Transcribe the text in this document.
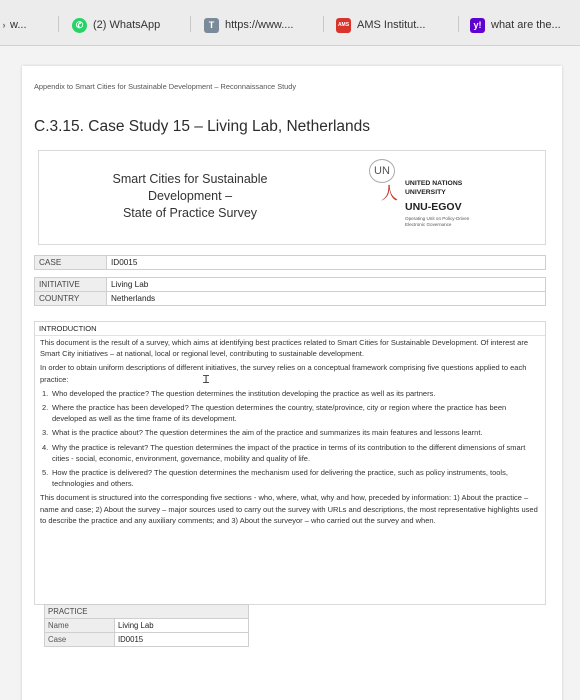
› w...	✆ (2) WhatsApp	T https://www....	AMS AMS Institut...	y! what are the...
Appendix to Smart Cities for Sustainable Development – Reconnaissance Study
C.3.15. Case Study 15 – Living Lab, Netherlands
Smart Cities for Sustainable
Development –
State of Practice Survey
UN
⼈
UNITED NATIONS
UNIVERSITY
UNU-EGOV
Operating Unit on Policy-Driven
Electronic Governance
CASE	ID0015

INITIATIVE	Living Lab
COUNTRY	Netherlands
INTRODUCTION

This document is the result of a survey, which aims at identifying best practices related to Smart Cities for Sustainable Development. Of interest are Smart City initiatives – at national, local or regional level, contributing to sustainable development.

In order to obtain uniform descriptions of different initiatives, the survey relies on a conceptual framework comprising five questions applied to each practice:

1. Who developed the practice? The question determines the institution developing the practice as well as its partners.
2. Where the practice has been developed? The question determines the country, state/province, city or region where the practice has been developed as well as the time frame of its development.
3. What is the practice about? The question determines the aim of the practice and summarizes its main features and lessons learnt.
4. Why the practice is relevant? The question determines the impact of the practice in terms of its contribution to the different dimensions of smart cities - social, economic, environment, governance, mobility and quality of life.
5. How the practice is delivered? The question determines the mechanism used for delivering the practice, such as policy instruments, tools, technologies and others.

This document is structured into the corresponding five sections - who, where, what, why and how, preceded by information: 1) About the practice – name and case; 2) About the survey – major sources used to carry out the survey with URLs and descriptions, the most representative highlights used to describe the practice and any auxiliary comments; and 3) About the surveyor – who carried out the survey and when.

PRACTICE	
Name	Living Lab
Case	ID0015
Ɪ
